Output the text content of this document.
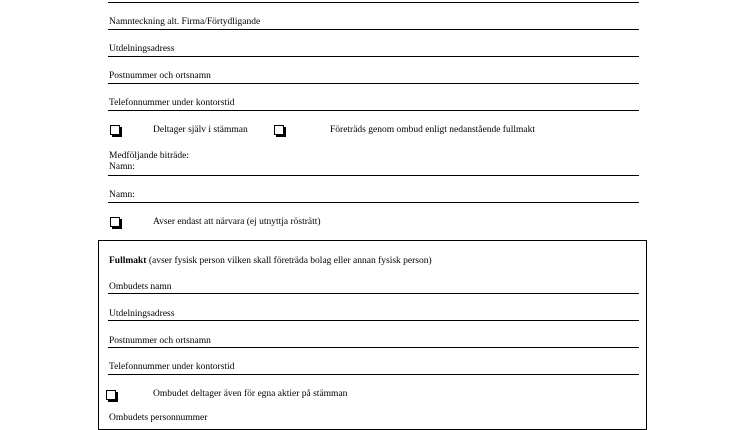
Namnteckning alt. Firma/Förtydligande
Utdelningsadress
Postnummer och ortsnamn
Telefonnummer under kontorstid
Deltager själv i stämman	Företräds genom ombud enligt nedanstående fullmakt
Medföljande biträde:
Namn:
Namn:
Avser endast att närvara (ej utnyttja rösträtt)
Fullmakt (avser fysisk person vilken skall företräda bolag eller annan fysisk person)
Ombudets namn
Utdelningsadress
Postnummer och ortsnamn
Telefonnummer under kontorstid
Ombudet deltager även för egna aktier på stämman
Ombudets personnummer
